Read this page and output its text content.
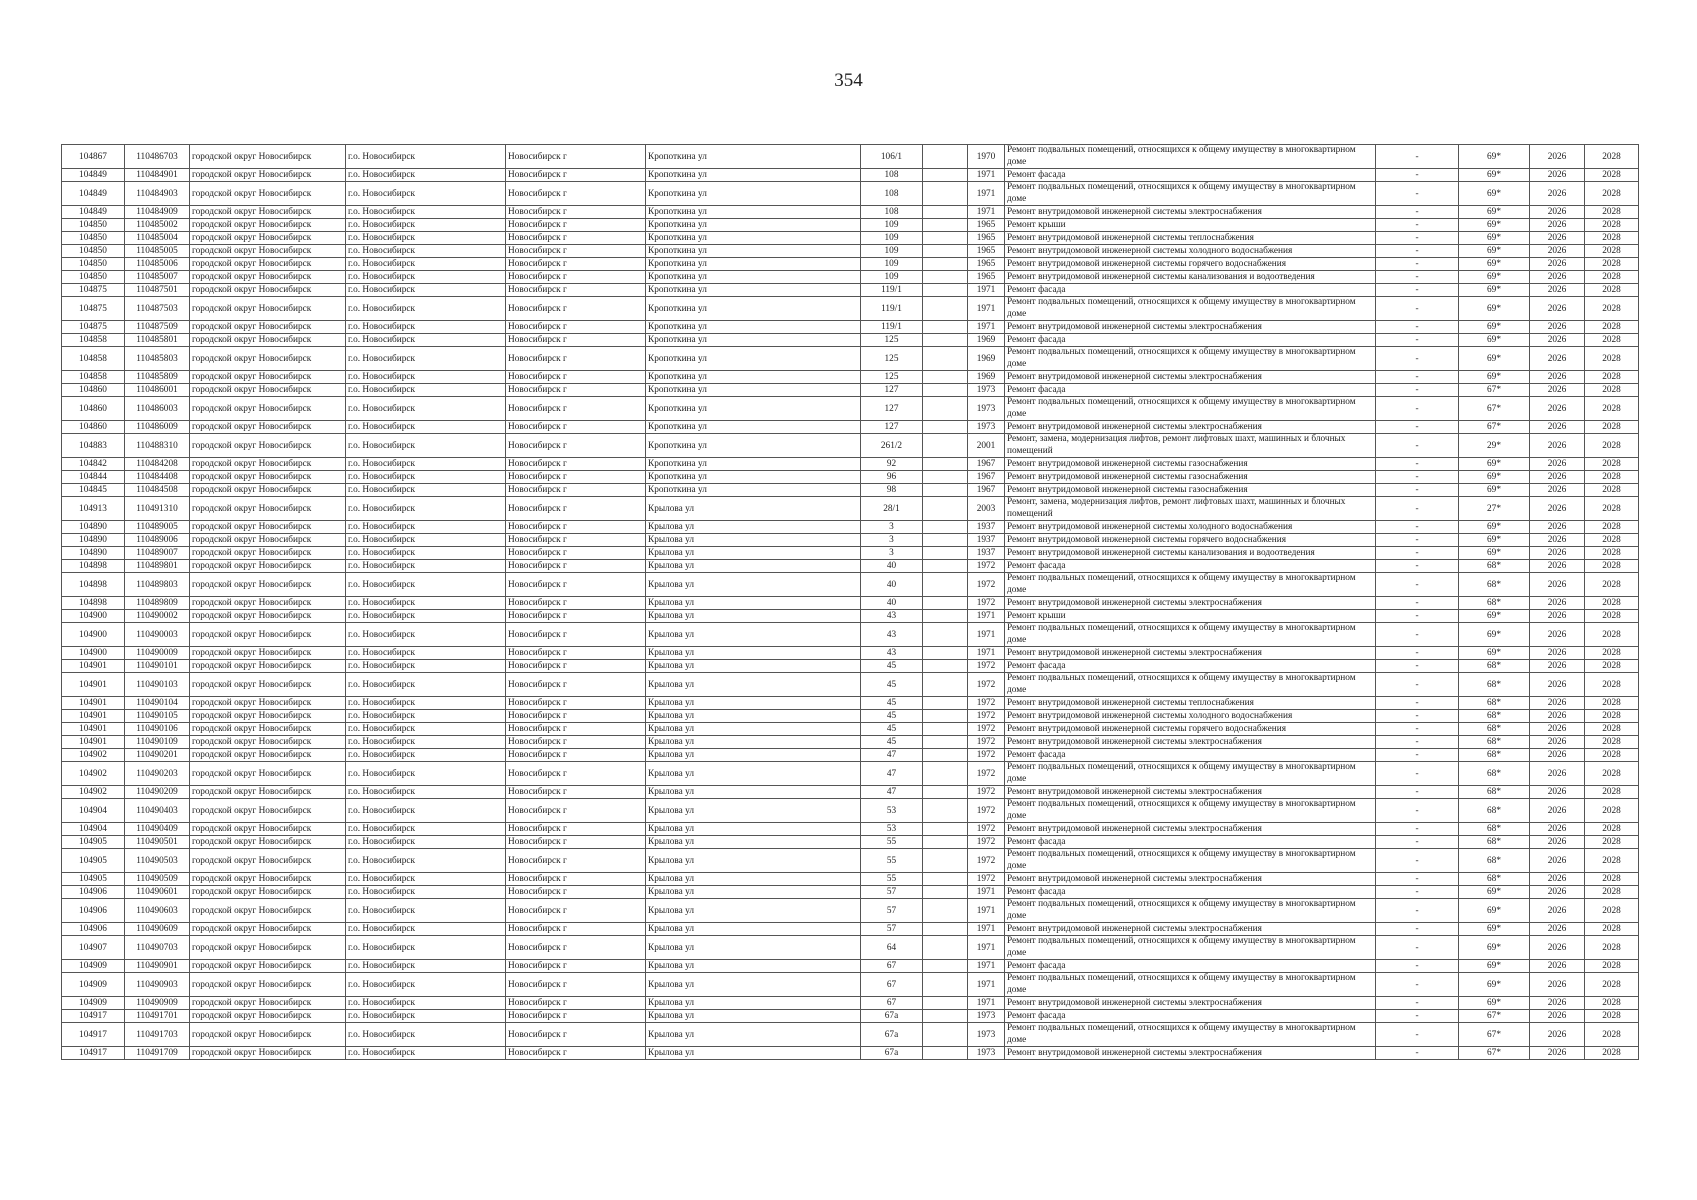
354
104867	110486703	городской округ Новосибирск	г.о. Новосибирск	Новосибирск г	Кропоткина ул	106/1		1970	Ремонт подвальных помещений, относящихся к общему имуществу в многоквартирном доме	-	69*	2026	2028
104849	110484901	городской округ Новосибирск	г.о. Новосибирск	Новосибирск г	Кропоткина ул	108		1971	Ремонт фасада	-	69*	2026	2028
104849	110484903	городской округ Новосибирск	г.о. Новосибирск	Новосибирск г	Кропоткина ул	108		1971	Ремонт подвальных помещений, относящихся к общему имуществу в многоквартирном доме	-	69*	2026	2028
104849	110484909	городской округ Новосибирск	г.о. Новосибирск	Новосибирск г	Кропоткина ул	108		1971	Ремонт внутридомовой инженерной системы электроснабжения	-	69*	2026	2028
104850	110485002	городской округ Новосибирск	г.о. Новосибирск	Новосибирск г	Кропоткина ул	109		1965	Ремонт крыши	-	69*	2026	2028
104850	110485004	городской округ Новосибирск	г.о. Новосибирск	Новосибирск г	Кропоткина ул	109		1965	Ремонт внутридомовой инженерной системы теплоснабжения	-	69*	2026	2028
104850	110485005	городской округ Новосибирск	г.о. Новосибирск	Новосибирск г	Кропоткина ул	109		1965	Ремонт внутридомовой инженерной системы холодного водоснабжения	-	69*	2026	2028
104850	110485006	городской округ Новосибирск	г.о. Новосибирск	Новосибирск г	Кропоткина ул	109		1965	Ремонт внутридомовой инженерной системы горячего водоснабжения	-	69*	2026	2028
104850	110485007	городской округ Новосибирск	г.о. Новосибирск	Новосибирск г	Кропоткина ул	109		1965	Ремонт внутридомовой инженерной системы канализования и водоотведения	-	69*	2026	2028
104875	110487501	городской округ Новосибирск	г.о. Новосибирск	Новосибирск г	Кропоткина ул	119/1		1971	Ремонт фасада	-	69*	2026	2028
104875	110487503	городской округ Новосибирск	г.о. Новосибирск	Новосибирск г	Кропоткина ул	119/1		1971	Ремонт подвальных помещений, относящихся к общему имуществу в многоквартирном доме	-	69*	2026	2028
104875	110487509	городской округ Новосибирск	г.о. Новосибирск	Новосибирск г	Кропоткина ул	119/1		1971	Ремонт внутридомовой инженерной системы электроснабжения	-	69*	2026	2028
104858	110485801	городской округ Новосибирск	г.о. Новосибирск	Новосибирск г	Кропоткина ул	125		1969	Ремонт фасада	-	69*	2026	2028
104858	110485803	городской округ Новосибирск	г.о. Новосибирск	Новосибирск г	Кропоткина ул	125		1969	Ремонт подвальных помещений, относящихся к общему имуществу в многоквартирном доме	-	69*	2026	2028
104858	110485809	городской округ Новосибирск	г.о. Новосибирск	Новосибирск г	Кропоткина ул	125		1969	Ремонт внутридомовой инженерной системы электроснабжения	-	69*	2026	2028
104860	110486001	городской округ Новосибирск	г.о. Новосибирск	Новосибирск г	Кропоткина ул	127		1973	Ремонт фасада	-	67*	2026	2028
104860	110486003	городской округ Новосибирск	г.о. Новосибирск	Новосибирск г	Кропоткина ул	127		1973	Ремонт подвальных помещений, относящихся к общему имуществу в многоквартирном доме	-	67*	2026	2028
104860	110486009	городской округ Новосибирск	г.о. Новосибирск	Новосибирск г	Кропоткина ул	127		1973	Ремонт внутридомовой инженерной системы электроснабжения	-	67*	2026	2028
104883	110488310	городской округ Новосибирск	г.о. Новосибирск	Новосибирск г	Кропоткина ул	261/2		2001	Ремонт, замена, модернизация лифтов, ремонт лифтовых шахт, машинных и блочных помещений	-	29*	2026	2028
104842	110484208	городской округ Новосибирск	г.о. Новосибирск	Новосибирск г	Кропоткина ул	92		1967	Ремонт внутридомовой инженерной системы газоснабжения	-	69*	2026	2028
104844	110484408	городской округ Новосибирск	г.о. Новосибирск	Новосибирск г	Кропоткина ул	96		1967	Ремонт внутридомовой инженерной системы газоснабжения	-	69*	2026	2028
104845	110484508	городской округ Новосибирск	г.о. Новосибирск	Новосибирск г	Кропоткина ул	98		1967	Ремонт внутридомовой инженерной системы газоснабжения	-	69*	2026	2028
104913	110491310	городской округ Новосибирск	г.о. Новосибирск	Новосибирск г	Крылова ул	28/1		2003	Ремонт, замена, модернизация лифтов, ремонт лифтовых шахт, машинных и блочных помещений	-	27*	2026	2028
104890	110489005	городской округ Новосибирск	г.о. Новосибирск	Новосибирск г	Крылова ул	3		1937	Ремонт внутридомовой инженерной системы холодного водоснабжения	-	69*	2026	2028
104890	110489006	городской округ Новосибирск	г.о. Новосибирск	Новосибирск г	Крылова ул	3		1937	Ремонт внутридомовой инженерной системы горячего водоснабжения	-	69*	2026	2028
104890	110489007	городской округ Новосибирск	г.о. Новосибирск	Новосибирск г	Крылова ул	3		1937	Ремонт внутридомовой инженерной системы канализования и водоотведения	-	69*	2026	2028
104898	110489801	городской округ Новосибирск	г.о. Новосибирск	Новосибирск г	Крылова ул	40		1972	Ремонт фасада	-	68*	2026	2028
104898	110489803	городской округ Новосибирск	г.о. Новосибирск	Новосибирск г	Крылова ул	40		1972	Ремонт подвальных помещений, относящихся к общему имуществу в многоквартирном доме	-	68*	2026	2028
104898	110489809	городской округ Новосибирск	г.о. Новосибирск	Новосибирск г	Крылова ул	40		1972	Ремонт внутридомовой инженерной системы электроснабжения	-	68*	2026	2028
104900	110490002	городской округ Новосибирск	г.о. Новосибирск	Новосибирск г	Крылова ул	43		1971	Ремонт крыши	-	69*	2026	2028
104900	110490003	городской округ Новосибирск	г.о. Новосибирск	Новосибирск г	Крылова ул	43		1971	Ремонт подвальных помещений, относящихся к общему имуществу в многоквартирном доме	-	69*	2026	2028
104900	110490009	городской округ Новосибирск	г.о. Новосибирск	Новосибирск г	Крылова ул	43		1971	Ремонт внутридомовой инженерной системы электроснабжения	-	69*	2026	2028
104901	110490101	городской округ Новосибирск	г.о. Новосибирск	Новосибирск г	Крылова ул	45		1972	Ремонт фасада	-	68*	2026	2028
104901	110490103	городской округ Новосибирск	г.о. Новосибирск	Новосибирск г	Крылова ул	45		1972	Ремонт подвальных помещений, относящихся к общему имуществу в многоквартирном доме	-	68*	2026	2028
104901	110490104	городской округ Новосибирск	г.о. Новосибирск	Новосибирск г	Крылова ул	45		1972	Ремонт внутридомовой инженерной системы теплоснабжения	-	68*	2026	2028
104901	110490105	городской округ Новосибирск	г.о. Новосибирск	Новосибирск г	Крылова ул	45		1972	Ремонт внутридомовой инженерной системы холодного водоснабжения	-	68*	2026	2028
104901	110490106	городской округ Новосибирск	г.о. Новосибирск	Новосибирск г	Крылова ул	45		1972	Ремонт внутридомовой инженерной системы горячего водоснабжения	-	68*	2026	2028
104901	110490109	городской округ Новосибирск	г.о. Новосибирск	Новосибирск г	Крылова ул	45		1972	Ремонт внутридомовой инженерной системы электроснабжения	-	68*	2026	2028
104902	110490201	городской округ Новосибирск	г.о. Новосибирск	Новосибирск г	Крылова ул	47		1972	Ремонт фасада	-	68*	2026	2028
104902	110490203	городской округ Новосибирск	г.о. Новосибирск	Новосибирск г	Крылова ул	47		1972	Ремонт подвальных помещений, относящихся к общему имуществу в многоквартирном доме	-	68*	2026	2028
104902	110490209	городской округ Новосибирск	г.о. Новосибирск	Новосибирск г	Крылова ул	47		1972	Ремонт внутридомовой инженерной системы электроснабжения	-	68*	2026	2028
104904	110490403	городской округ Новосибирск	г.о. Новосибирск	Новосибирск г	Крылова ул	53		1972	Ремонт подвальных помещений, относящихся к общему имуществу в многоквартирном доме	-	68*	2026	2028
104904	110490409	городской округ Новосибирск	г.о. Новосибирск	Новосибирск г	Крылова ул	53		1972	Ремонт внутридомовой инженерной системы электроснабжения	-	68*	2026	2028
104905	110490501	городской округ Новосибирск	г.о. Новосибирск	Новосибирск г	Крылова ул	55		1972	Ремонт фасада	-	68*	2026	2028
104905	110490503	городской округ Новосибирск	г.о. Новосибирск	Новосибирск г	Крылова ул	55		1972	Ремонт подвальных помещений, относящихся к общему имуществу в многоквартирном доме	-	68*	2026	2028
104905	110490509	городской округ Новосибирск	г.о. Новосибирск	Новосибирск г	Крылова ул	55		1972	Ремонт внутридомовой инженерной системы электроснабжения	-	68*	2026	2028
104906	110490601	городской округ Новосибирск	г.о. Новосибирск	Новосибирск г	Крылова ул	57		1971	Ремонт фасада	-	69*	2026	2028
104906	110490603	городской округ Новосибирск	г.о. Новосибирск	Новосибирск г	Крылова ул	57		1971	Ремонт подвальных помещений, относящихся к общему имуществу в многоквартирном доме	-	69*	2026	2028
104906	110490609	городской округ Новосибирск	г.о. Новосибирск	Новосибирск г	Крылова ул	57		1971	Ремонт внутридомовой инженерной системы электроснабжения	-	69*	2026	2028
104907	110490703	городской округ Новосибирск	г.о. Новосибирск	Новосибирск г	Крылова ул	64		1971	Ремонт подвальных помещений, относящихся к общему имуществу в многоквартирном доме	-	69*	2026	2028
104909	110490901	городской округ Новосибирск	г.о. Новосибирск	Новосибирск г	Крылова ул	67		1971	Ремонт фасада	-	69*	2026	2028
104909	110490903	городской округ Новосибирск	г.о. Новосибирск	Новосибирск г	Крылова ул	67		1971	Ремонт подвальных помещений, относящихся к общему имуществу в многоквартирном доме	-	69*	2026	2028
104909	110490909	городской округ Новосибирск	г.о. Новосибирск	Новосибирск г	Крылова ул	67		1971	Ремонт внутридомовой инженерной системы электроснабжения	-	69*	2026	2028
104917	110491701	городской округ Новосибирск	г.о. Новосибирск	Новосибирск г	Крылова ул	67а		1973	Ремонт фасада	-	67*	2026	2028
104917	110491703	городской округ Новосибирск	г.о. Новосибирск	Новосибирск г	Крылова ул	67а		1973	Ремонт подвальных помещений, относящихся к общему имуществу в многоквартирном доме	-	67*	2026	2028
104917	110491709	городской округ Новосибирск	г.о. Новосибирск	Новосибирск г	Крылова ул	67а		1973	Ремонт внутридомовой инженерной системы электроснабжения	-	67*	2026	2028
